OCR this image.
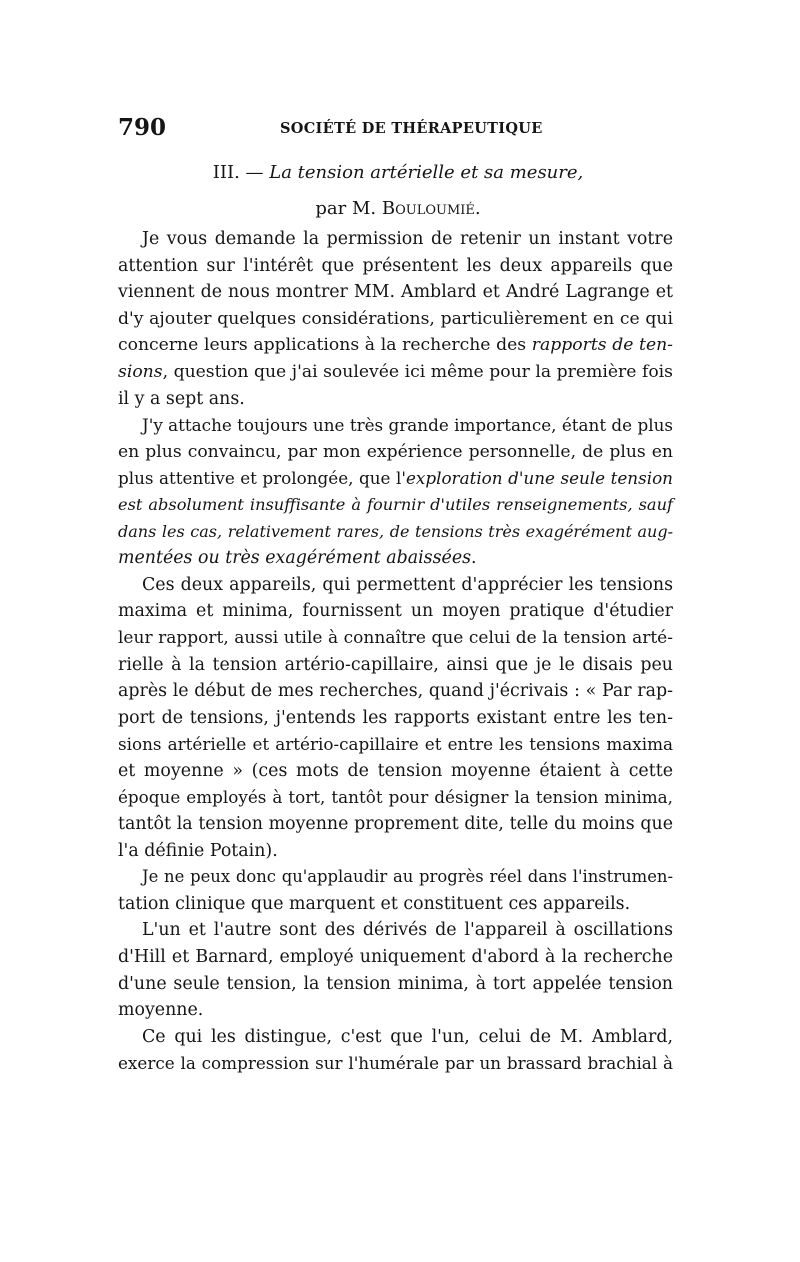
790	SOCIÉTÉ DE THÉRAPEUTIQUE
III. — La tension artérielle et sa mesure,
par M. Bouloumié.
Je vous demande la permission de retenir un instant votre
attention sur l'intérêt que présentent les deux appareils que
viennent de nous montrer MM. Amblard et André Lagrange et
d'y ajouter quelques considérations, particulièrement en ce qui
concerne leurs applications à la recherche des rapports de ten-
sions, question que j'ai soulevée ici même pour la première fois
il y a sept ans.
J'y attache toujours une très grande importance, étant de plus
en plus convaincu, par mon expérience personnelle, de plus en
plus attentive et prolongée, que l'exploration d'une seule tension
est absolument insuffisante à fournir d'utiles renseignements, sauf
dans les cas, relativement rares, de tensions très exagérément aug-
mentées ou très exagérément abaissées.
Ces deux appareils, qui permettent d'apprécier les tensions
maxima et minima, fournissent un moyen pratique d'étudier
leur rapport, aussi utile à connaître que celui de la tension arté-
rielle à la tension artério-capillaire, ainsi que je le disais peu
après le début de mes recherches, quand j'écrivais : « Par rap-
port de tensions, j'entends les rapports existant entre les ten-
sions artérielle et artério-capillaire et entre les tensions maxima
et moyenne » (ces mots de tension moyenne étaient à cette
époque employés à tort, tantôt pour désigner la tension minima,
tantôt la tension moyenne proprement dite, telle du moins que
l'a définie Potain).
Je ne peux donc qu'applaudir au progrès réel dans l'instrumen-
tation clinique que marquent et constituent ces appareils.
L'un et l'autre sont des dérivés de l'appareil à oscillations
d'Hill et Barnard, employé uniquement d'abord à la recherche
d'une seule tension, la tension minima, à tort appelée tension
moyenne.
Ce qui les distingue, c'est que l'un, celui de M. Amblard,
exerce la compression sur l'humérale par un brassard brachial à
